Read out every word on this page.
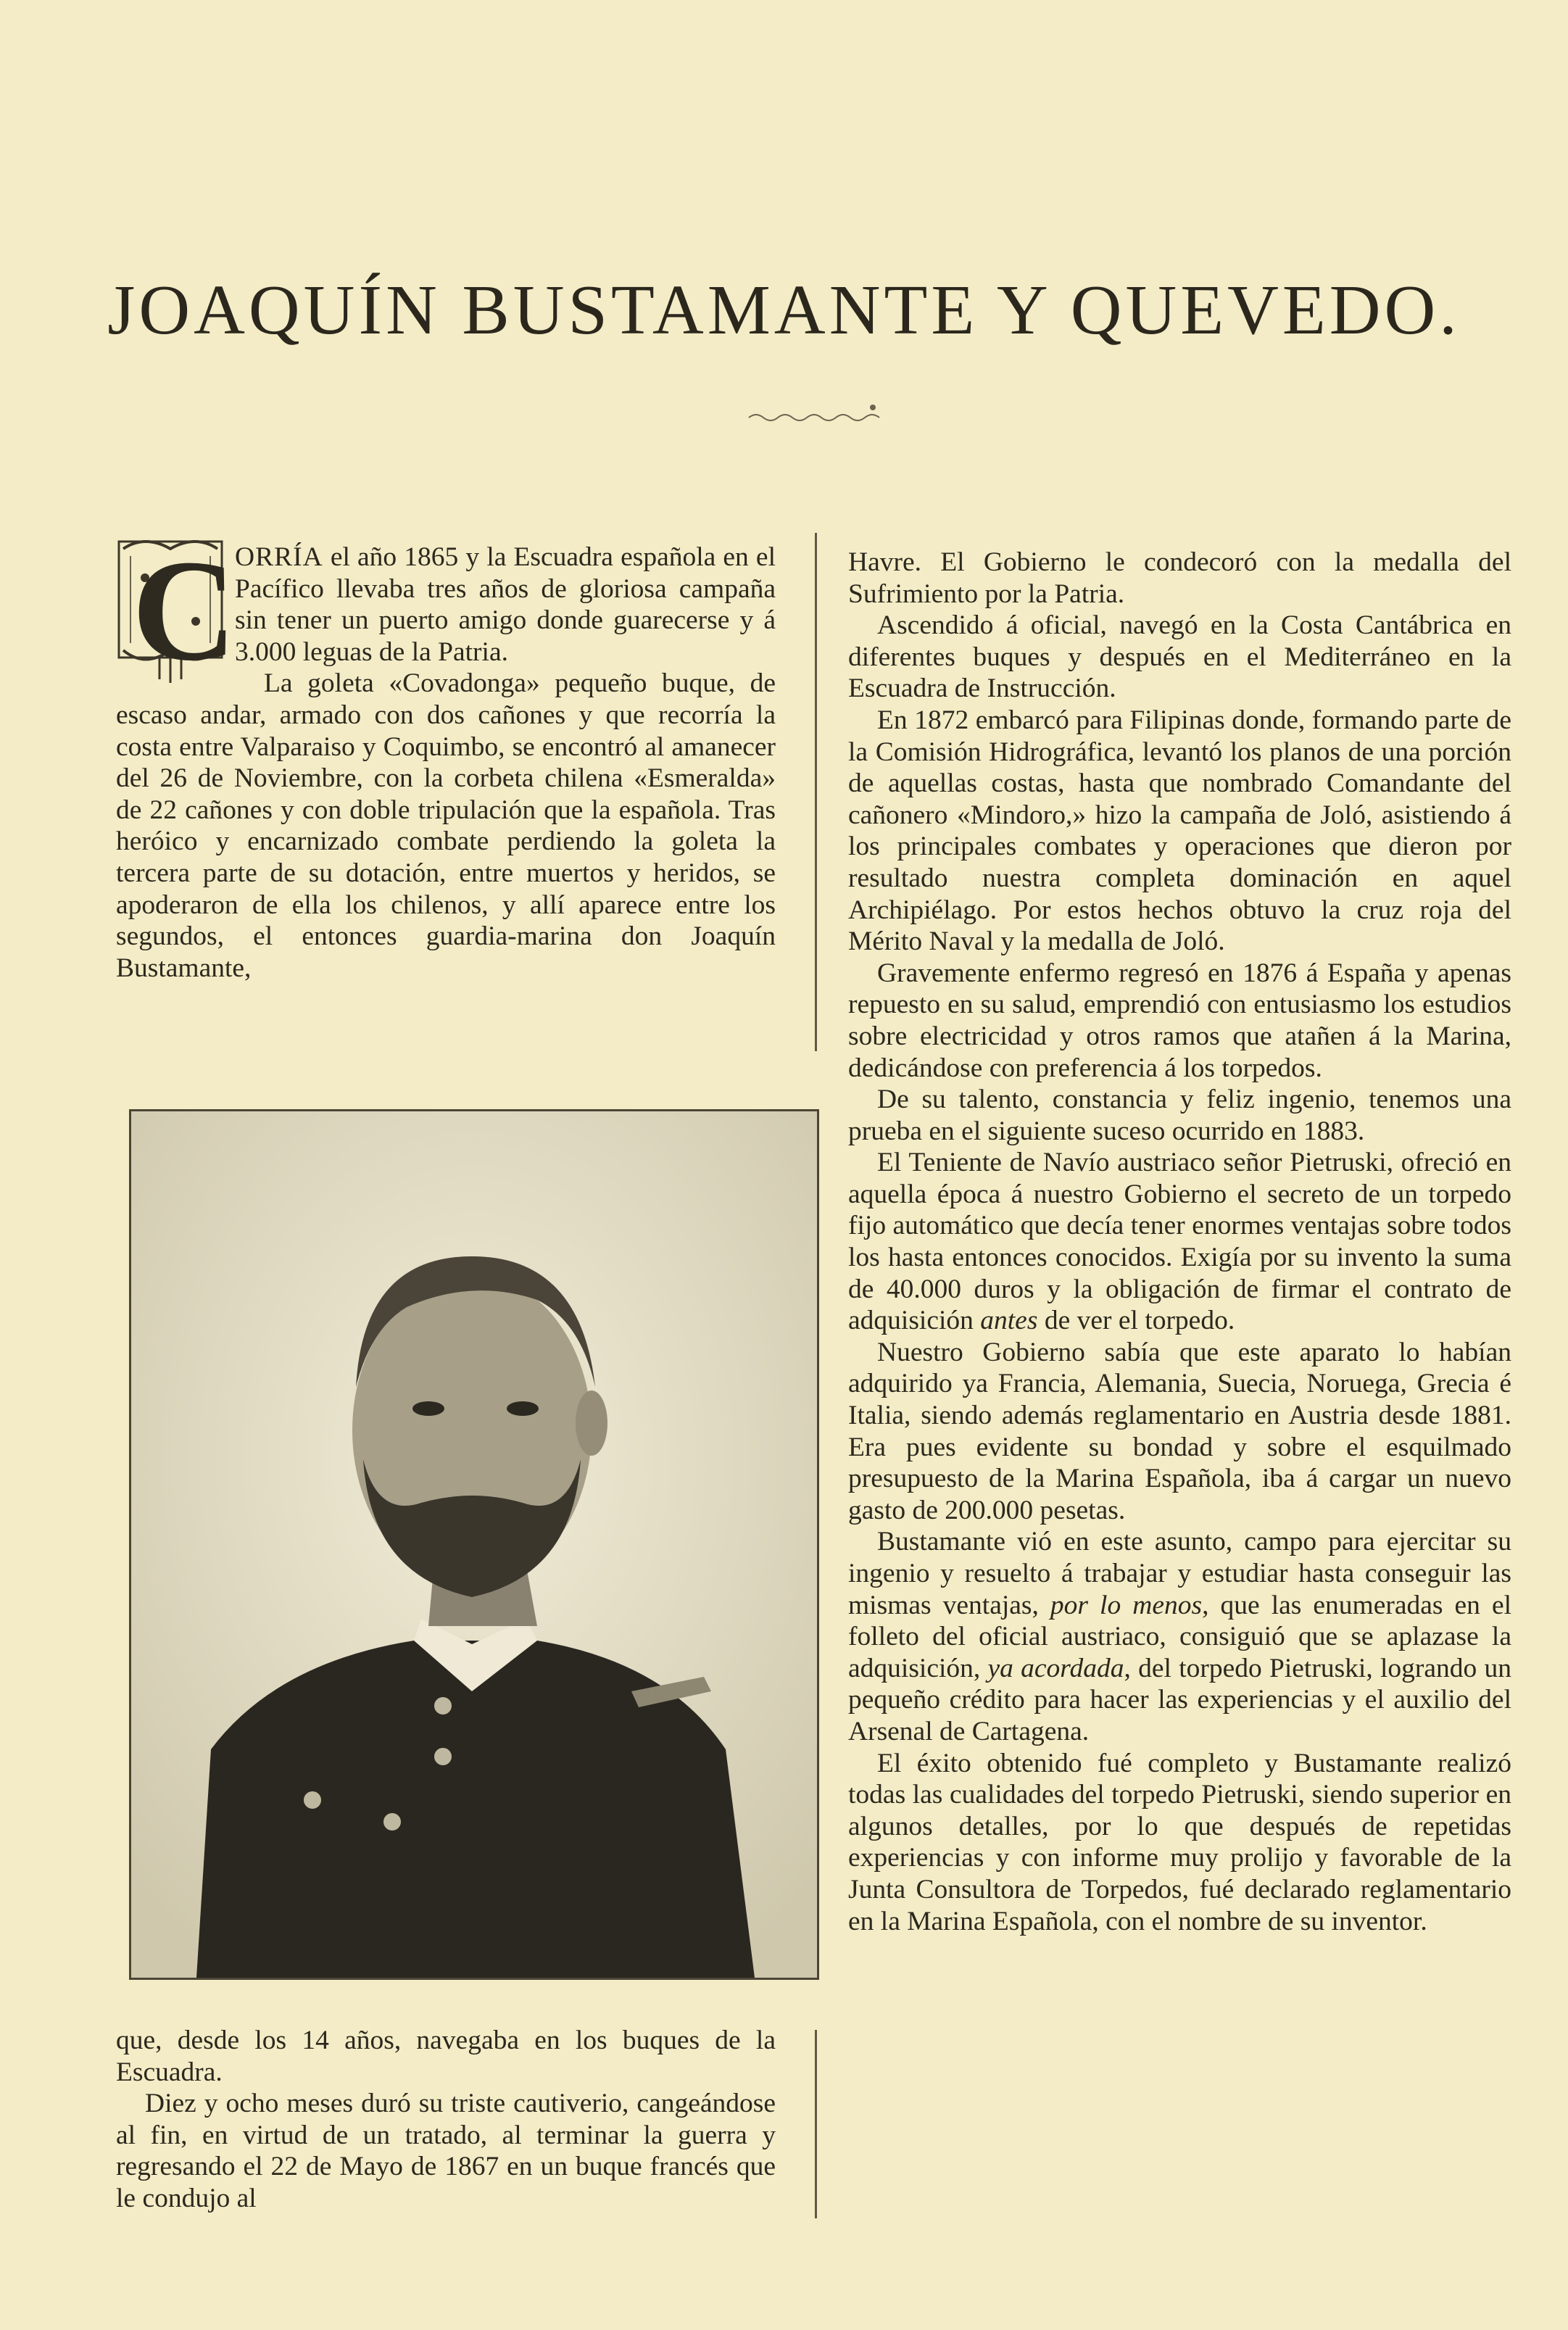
JOAQUÍN BUSTAMANTE Y QUEVEDO.

C
ORRÍA el año 1865 y la Escuadra española en el Pacífico llevaba tres años de gloriosa campaña sin tener un puerto amigo donde guarecerse y á 3.000 leguas de la Patria.

La goleta «Covadonga» pequeño buque, de escaso andar, armado con dos cañones y que recorría la costa entre Valparaiso y Coquimbo, se encontró al amanecer del 26 de Noviembre, con la corbeta chilena «Esmeralda» de 22 cañones y con doble tripulación que la española. Tras heróico y encarnizado combate perdiendo la goleta la tercera parte de su dotación, entre muertos y heridos, se apoderaron de ella los chilenos, y allí aparece entre los segundos, el entonces guardia-marina don Joaquín Bustamante,

que, desde los 14 años, navegaba en los buques de la Escuadra.

Diez y ocho meses duró su triste cautiverio, cangeándose al fin, en virtud de un tratado, al terminar la guerra y regresando el 22 de Mayo de 1867 en un buque francés que le condujo al

Havre. El Gobierno le condecoró con la medalla del Sufrimiento por la Patria.

Ascendido á oficial, navegó en la Costa Cantábrica en diferentes buques y después en el Mediterráneo en la Escuadra de Instrucción.

En 1872 embarcó para Filipinas donde, formando parte de la Comisión Hidrográfica, levantó los planos de una porción de aquellas costas, hasta que nombrado Comandante del cañonero «Mindoro,» hizo la campaña de Joló, asistiendo á los principales combates y operaciones que dieron por resultado nuestra completa dominación en aquel Archipiélago. Por estos hechos obtuvo la cruz roja del Mérito Naval y la medalla de Joló.

Gravemente enfermo regresó en 1876 á España y apenas repuesto en su salud, emprendió con entusiasmo los estudios sobre electricidad y otros ramos que atañen á la Marina, dedicándose con preferencia á los torpedos.

De su talento, constancia y feliz ingenio, tenemos una prueba en el siguiente suceso ocurrido en 1883.

El Teniente de Navío austriaco señor Pietruski, ofreció en aquella época á nuestro Gobierno el secreto de un torpedo fijo automático que decía tener enormes ventajas sobre todos los hasta entonces conocidos. Exigía por su invento la suma de 40.000 duros y la obligación de firmar el contrato de adquisición antes de ver el torpedo.

Nuestro Gobierno sabía que este aparato lo habían adquirido ya Francia, Alemania, Suecia, Noruega, Grecia é Italia, siendo además reglamentario en Austria desde 1881. Era pues evidente su bondad y sobre el esquilmado presupuesto de la Marina Española, iba á cargar un nuevo gasto de 200.000 pesetas.

Bustamante vió en este asunto, campo para ejercitar su ingenio y resuelto á trabajar y estudiar hasta conseguir las mismas ventajas, por lo menos, que las enumeradas en el folleto del oficial austriaco, consiguió que se aplazase la adquisición, ya acordada, del torpedo Pietruski, logrando un pequeño crédito para hacer las experiencias y el auxilio del Arsenal de Cartagena.

El éxito obtenido fué completo y Bustamante realizó todas las cualidades del torpedo Pietruski, siendo superior en algunos detalles, por lo que después de repetidas experiencias y con informe muy prolijo y favorable de la Junta Consultora de Torpedos, fué declarado reglamentario en la Marina Española, con el nombre de su inventor.
